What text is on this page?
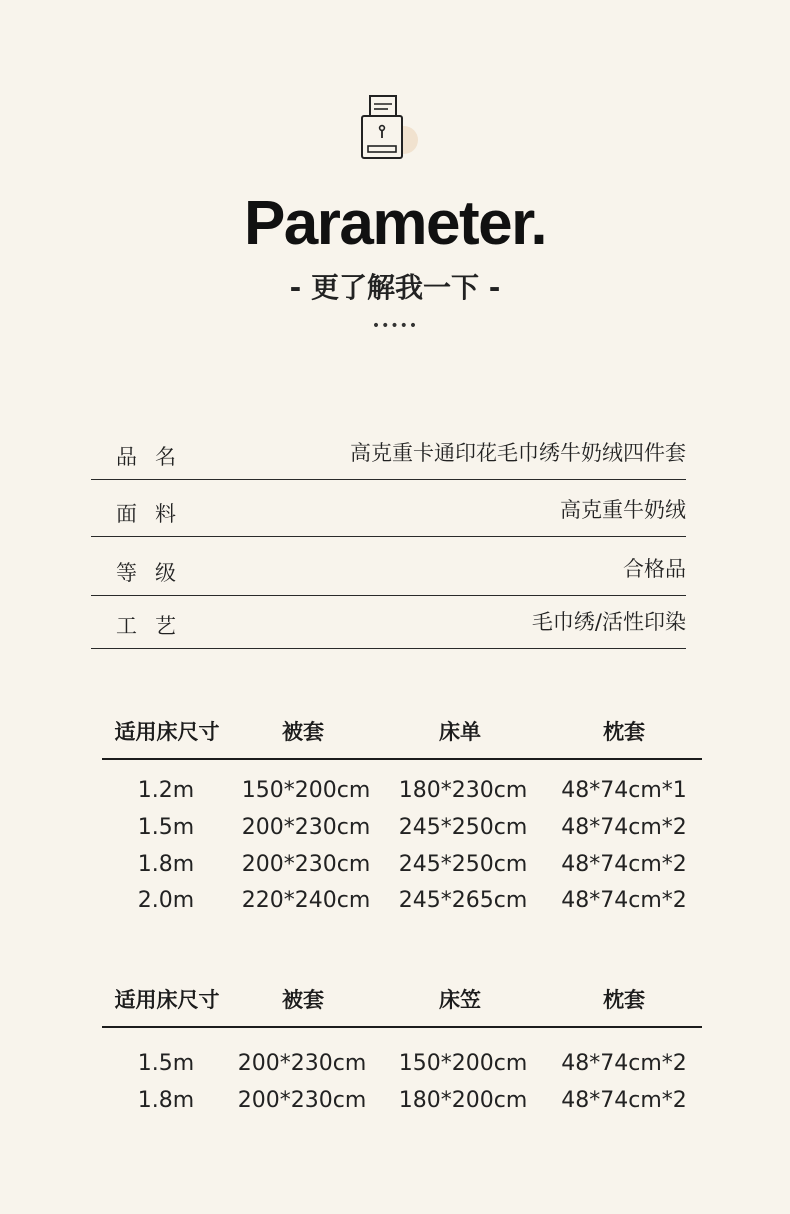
Parameter.
- 更了解我一下 -
•••••
品名	高克重卡通印花毛巾绣牛奶绒四件套
面料	高克重牛奶绒
等级	合格品
工艺	毛巾绣/活性印染
适用床尺寸	被套	床单	枕套
1.2m	150*200cm	180*230cm	48*74cm*1
1.5m	200*230cm	245*250cm	48*74cm*2
1.8m	200*230cm	245*250cm	48*74cm*2
2.0m	220*240cm	245*265cm	48*74cm*2
适用床尺寸	被套	床笠	枕套
1.5m	200*230cm	150*200cm	48*74cm*2
1.8m	200*230cm	180*200cm	48*74cm*2
